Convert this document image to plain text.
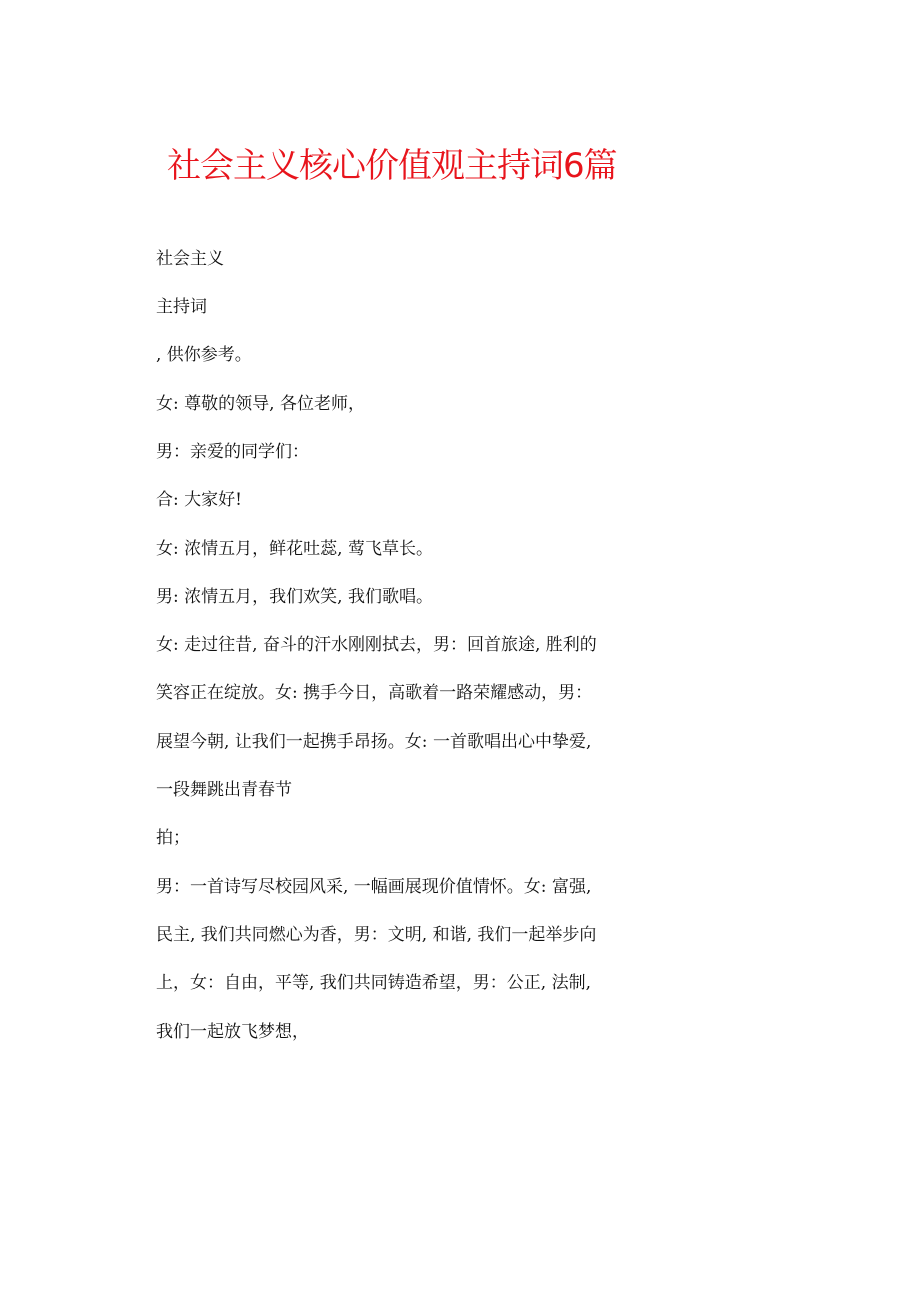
社会主义核心价值观主持词6篇

社会主义

主持词

, 供你参考。

女: 尊敬的领导, 各位老师，

男：亲爱的同学们：

合: 大家好!

女: 浓情五月，鲜花吐蕊, 莺飞草长。

男: 浓情五月，我们欢笑, 我们歌唱。

女: 走过往昔, 奋斗的汗水刚刚拭去，男：回首旅途, 胜利的

笑容正在绽放。女: 携手今日，高歌着一路荣耀感动，男：

展望今朝, 让我们一起携手昂扬。女: 一首歌唱出心中挚爱,

一段舞跳出青春节

拍；

男：一首诗写尽校园风采, 一幅画展现价值情怀。女: 富强,

民主, 我们共同燃心为香，男：文明, 和谐, 我们一起举步向

上，女：自由，平等, 我们共同铸造希望，男：公正, 法制,

我们一起放飞梦想，
